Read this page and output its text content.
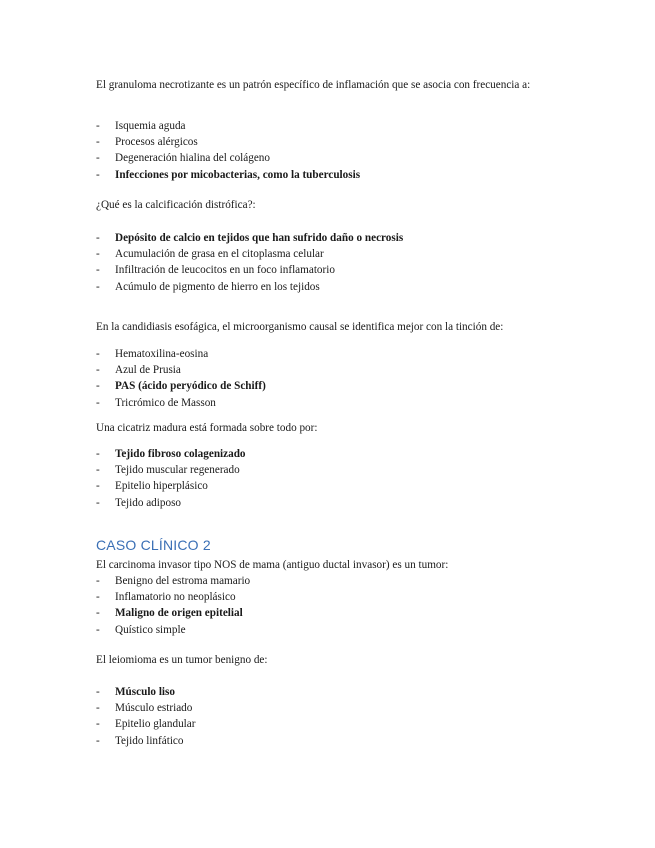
El granuloma necrotizante es un patrón específico de inflamación que se asocia con frecuencia a:

- Isquemia aguda
- Procesos alérgicos
- Degeneración hialina del colágeno
- Infecciones por micobacterias, como la tuberculosis

¿Qué es la calcificación distrófica?:

- Depósito de calcio en tejidos que han sufrido daño o necrosis
- Acumulación de grasa en el citoplasma celular
- Infiltración de leucocitos en un foco inflamatorio
- Acúmulo de pigmento de hierro en los tejidos

En la candidiasis esofágica, el microorganismo causal se identifica mejor con la tinción de:

- Hematoxilina-eosina
- Azul de Prusia
- PAS (ácido peryódico de Schiff)
- Tricrómico de Masson

Una cicatriz madura está formada sobre todo por:

- Tejido fibroso colagenizado
- Tejido muscular regenerado
- Epitelio hiperplásico
- Tejido adiposo
CASO CLÍNICO 2

El carcinoma invasor tipo NOS de mama (antiguo ductal invasor) es un tumor:

- Benigno del estroma mamario
- Inflamatorio no neoplásico
- Maligno de origen epitelial
- Quístico simple

El leiomioma es un tumor benigno de:

- Músculo liso
- Músculo estriado
- Epitelio glandular
- Tejido linfático
